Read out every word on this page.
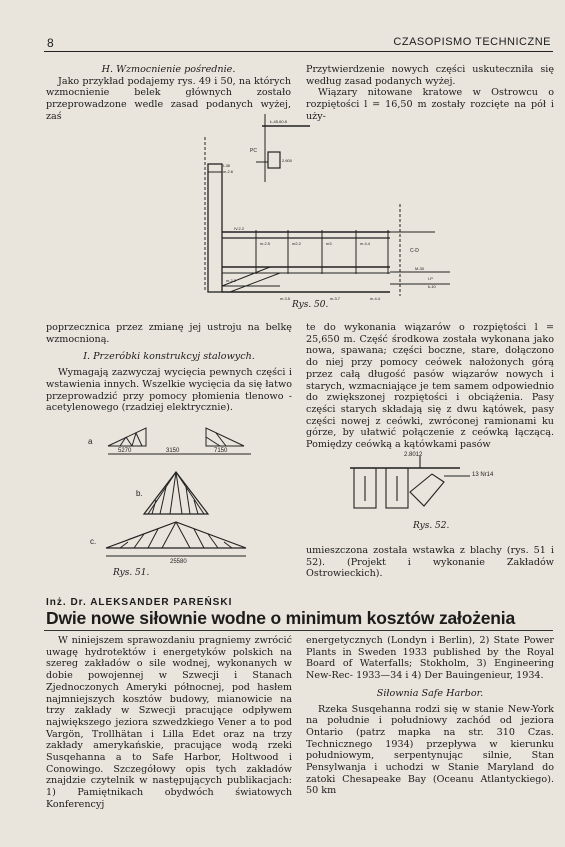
8	CZASOPISMO TECHNICZNE

H. Wzmocnienie pośrednie.

Jako przykład podajemy rys. 49 i 50, na których wzmocnienie belek głównych zostało przeprowadzone wedle zasad podanych wyżej, zaś

Przytwierdzenie nowych części uskuteczniła się według zasad podanych wyżej.

Wiązary nitowane kratowe w Ostrowcu o rozpiętości l = 16,50 m zostały rozcięte na pół i uży-

Ł-45.60.8
PC
2.600
I-38
m.2.6
IV.2.2
m.2.5	m2.2	m3	m.4.4
C-D
M-30
I.P
k-10
m.2.2
m.3.5	m.3.7	m.4.4
Rys. 50.

poprzecznica przez zmianę jej ustroju na belkę wzmocnioną.

I. Przeróbki konstrukcyj stalowych.

Wymagają zazwyczaj wycięcia pewnych części i wstawienia innych. Wszelkie wycięcia da się łatwo przeprowadzić przy pomocy płomienia tlenowo - acetylenowego (rzadziej elektrycznie).

a
5270	3150	7150
b.
c.
25580
Rys. 51.

te do wykonania wiązarów o rozpiętości l = 25,650 m. Część środkowa została wykonana jako nowa, spawana; części boczne, stare, dołączono do niej przy pomocy ceówek nałożonych górą przez całą długość pasów wiązarów nowych i starych, wzmacniające je tem samem odpowiednio do zwiększonej rozpiętości i obciążenia. Pasy części starych składają się z dwu kątówek, pasy części nowej z ceówki, zwróconej ramionami ku górze, by ułatwić połączenie z ceówką łączącą. Pomiędzy ceówką a kątówkami pasów

2.8012
13 Nr14
Rys. 52.

umieszczona została wstawka z blachy (rys. 51 i 52). (Projekt i wykonanie Zakładów Ostrowieckich).

Inż. Dr. ALEKSANDER PAREŃSKI
Dwie nowe siłownie wodne o minimum kosztów założenia

W niniejszem sprawozdaniu pragniemy zwrócić uwagę hydrotektów i energetyków polskich na szereg zakładów o sile wodnej, wykonanych w dobie powojennej w Szwecji i Stanach Zjednoczonych Ameryki północnej, pod hasłem najmniejszych kosztów budowy, mianowicie na trzy zakłady w Szwecji pracujące odpływem największego jeziora szwedzkiego Vener a to pod Vargön, Trollhätan i Lilla Edet oraz na trzy zakłady amerykańskie, pracujące wodą rzeki Susqehanna a to Safe Harbor, Holtwood i Conowingo. Szczegółowy opis tych zakładów znajdzie czytelnik w następujących publikacjach: 1) Pamiętnikach obydwóch światowych Konferencyj

energetycznych (Londyn i Berlin), 2) State Power Plants in Sweden 1933 published by the Royal Board of Waterfalls; Stokholm, 3) Engineering New-Rec- 1933—34 i 4) Der Bauingenieur, 1934.

Siłownia Safe Harbor.

Rzeka Susqehanna rodzi się w stanie New-York na południe i południowy zachód od jeziora Ontario (patrz mapka na str. 310 Czas. Technicznego 1934) przepływa w kierunku południowym, serpentynując silnie, Stan Pensylwanja i uchodzi w Stanie Maryland do zatoki Chesapeake Bay (Oceanu Atlantyckiego). 50 km
